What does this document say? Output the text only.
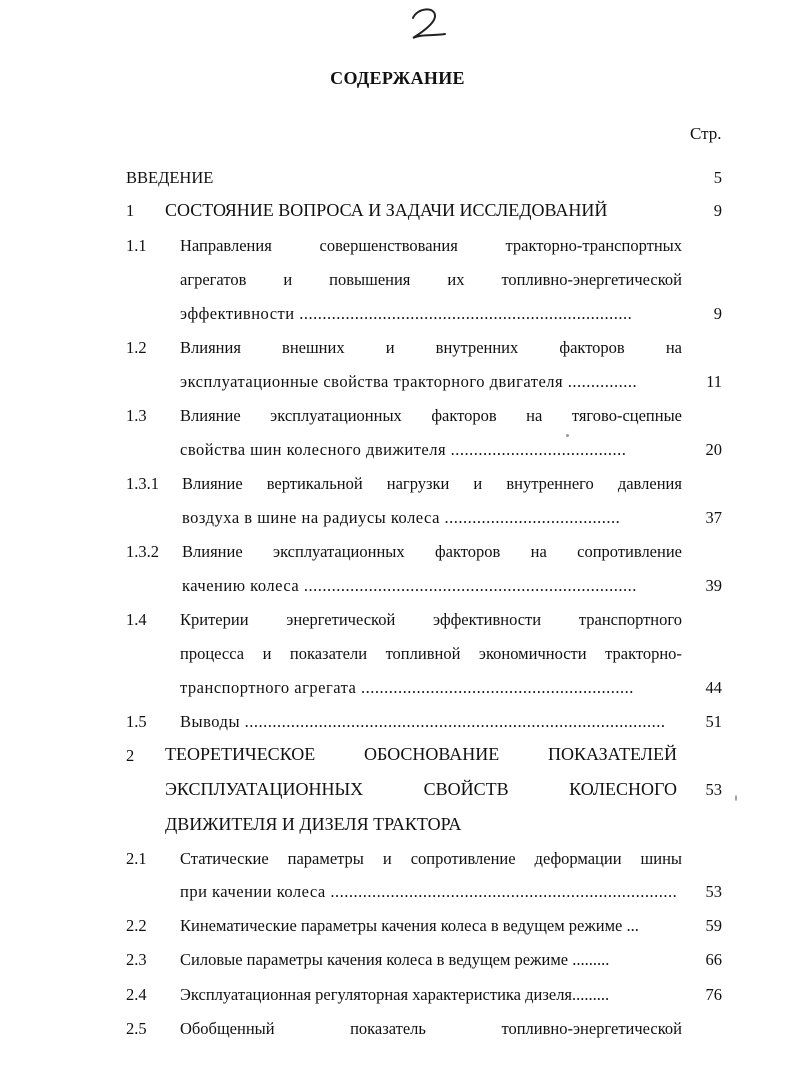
СОДЕРЖАНИЕ
Стр.
ВВЕДЕНИЕ	5
1 СОСТОЯНИЕ ВОПРОСА И ЗАДАЧИ ИССЛЕДОВАНИЙ	9
1.1 Направления	совершенствования	тракторно-транспортных
агрегатов и повышения их топливно-энергетической
эффективности ........................................................................	9
1.2 Влияния внешних и внутренних факторов на
эксплуатационные свойства тракторного двигателя ...............	11
1.3 Влияние эксплуатационных факторов на тягово-сцепные
свойства шин колесного движителя ......................................	20
1.3.1 Влияние вертикальной нагрузки и внутреннего давления
воздуха в шине на радиусы колеса ......................................	37
1.3.2 Влияние эксплуатационных факторов на сопротивление
качению колеса ........................................................................	39
1.4 Критерии энергетической эффективности транспортного
процесса и показатели топливной экономичности тракторно-
транспортного агрегата ...........................................................	44
1.5 Выводы ...........................................................................................	51
2 ТЕОРЕТИЧЕСКОЕ	ОБОСНОВАНИЕ	ПОКАЗАТЕЛЕЙ
ЭКСПЛУАТАЦИОННЫХ	СВОЙСТВ	КОЛЕСНОГО	53
ДВИЖИТЕЛЯ И ДИЗЕЛЯ ТРАКТОРА
2.1 Статические параметры и сопротивление деформации шины
при качении колеса ...........................................................................	53
2.2 Кинематические параметры качения колеса в ведущем режиме ...	59
2.3 Силовые параметры качения колеса в ведущем режиме .........	66
2.4 Эксплуатационная регуляторная характеристика дизеля.........	76
2.5 Обобщенный	показатель	топливно-энергетической
